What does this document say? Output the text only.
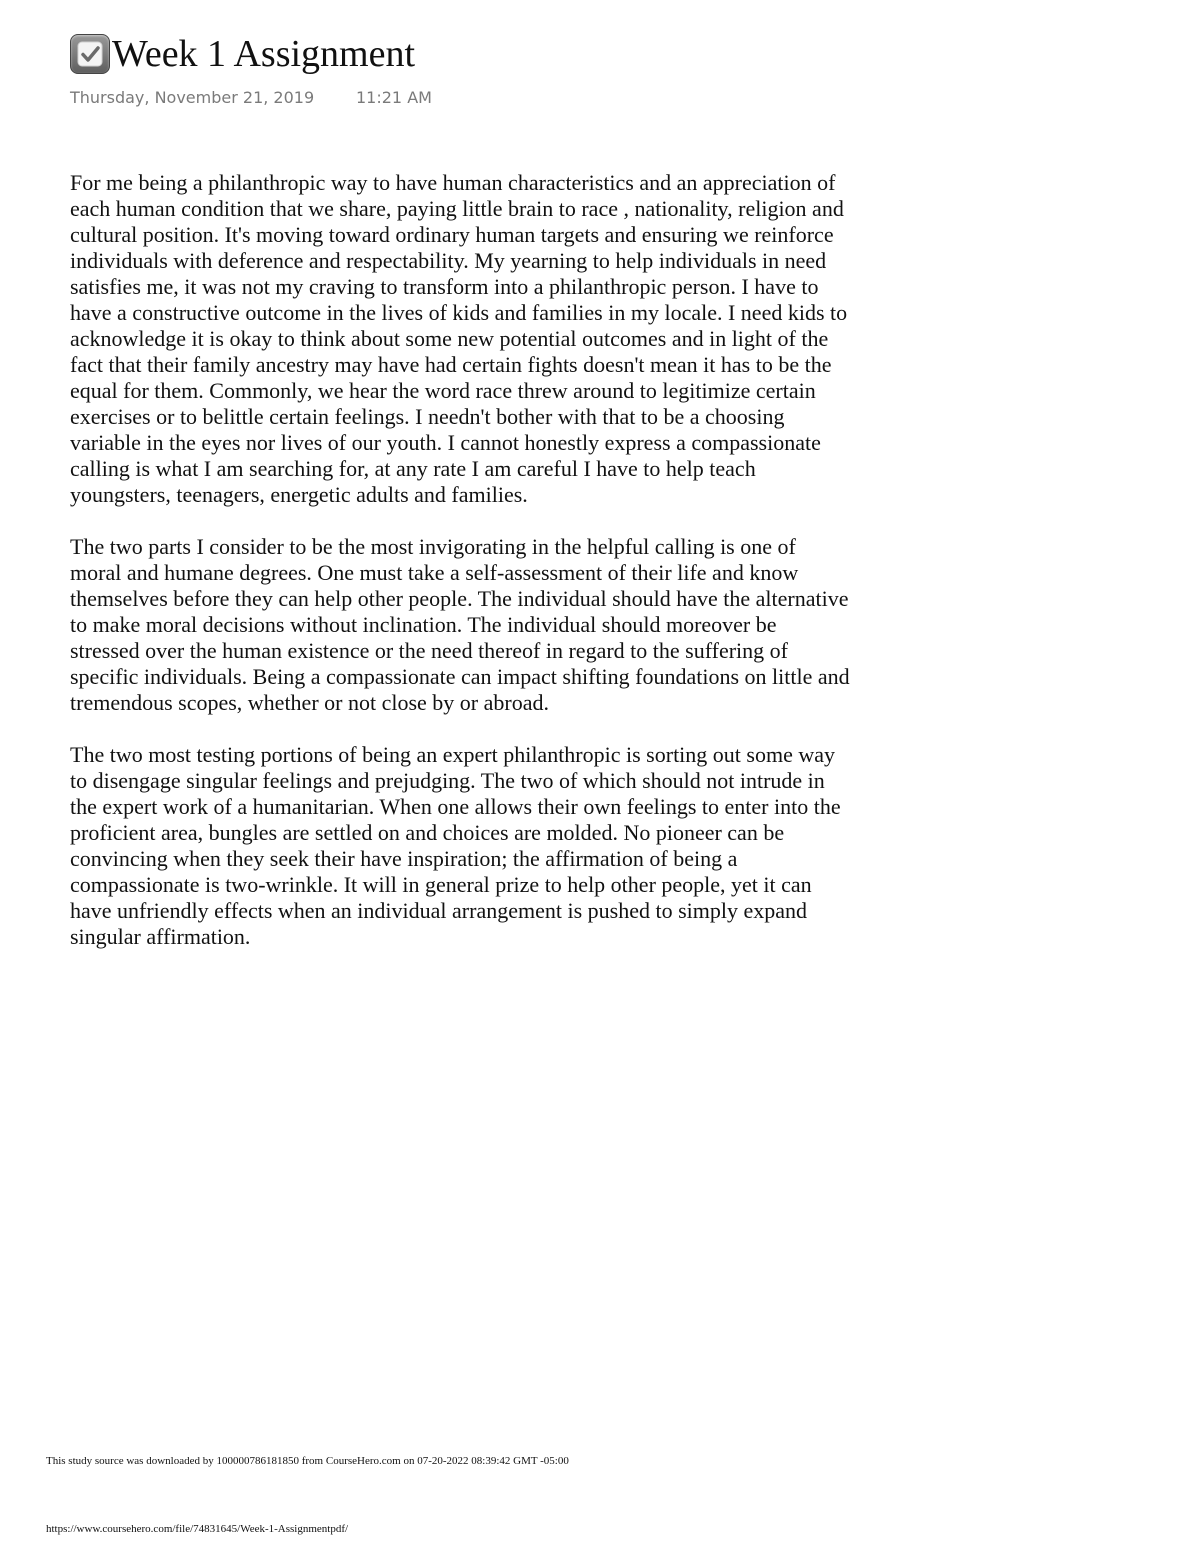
Week 1 Assignment
Thursday, November 21, 2019	11:21 AM

For me being a philanthropic way to have human characteristics and an appreciation of each human condition that we share, paying little brain to race , nationality, religion and cultural position. It's moving toward ordinary human targets and ensuring we reinforce individuals with deference and respectability. My yearning to help individuals in need satisfies me, it was not my craving to transform into a philanthropic person. I have to have a constructive outcome in the lives of kids and families in my locale. I need kids to acknowledge it is okay to think about some new potential outcomes and in light of the fact that their family ancestry may have had certain fights doesn't mean it has to be the equal for them. Commonly, we hear the word race threw around to legitimize certain exercises or to belittle certain feelings. I needn't bother with that to be a choosing variable in the eyes nor lives of our youth. I cannot honestly express a compassionate calling is what I am searching for, at any rate I am careful I have to help teach youngsters, teenagers, energetic adults and families.

The two parts I consider to be the most invigorating in the helpful calling is one of moral and humane degrees. One must take a self-assessment of their life and know themselves before they can help other people. The individual should have the alternative to make moral decisions without inclination. The individual should moreover be stressed over the human existence or the need thereof in regard to the suffering of specific individuals. Being a compassionate can impact shifting foundations on little and tremendous scopes, whether or not close by or abroad.

The two most testing portions of being an expert philanthropic is sorting out some way to disengage singular feelings and prejudging. The two of which should not intrude in the expert work of a humanitarian. When one allows their own feelings to enter into the proficient area, bungles are settled on and choices are molded. No pioneer can be convincing when they seek their have inspiration; the affirmation of being a compassionate is two-wrinkle. It will in general prize to help other people, yet it can have unfriendly effects when an individual arrangement is pushed to simply expand singular affirmation.

This study source was downloaded by 100000786181850 from CourseHero.com on 07-20-2022 08:39:42 GMT -05:00
https://www.coursehero.com/file/74831645/Week-1-Assignmentpdf/
